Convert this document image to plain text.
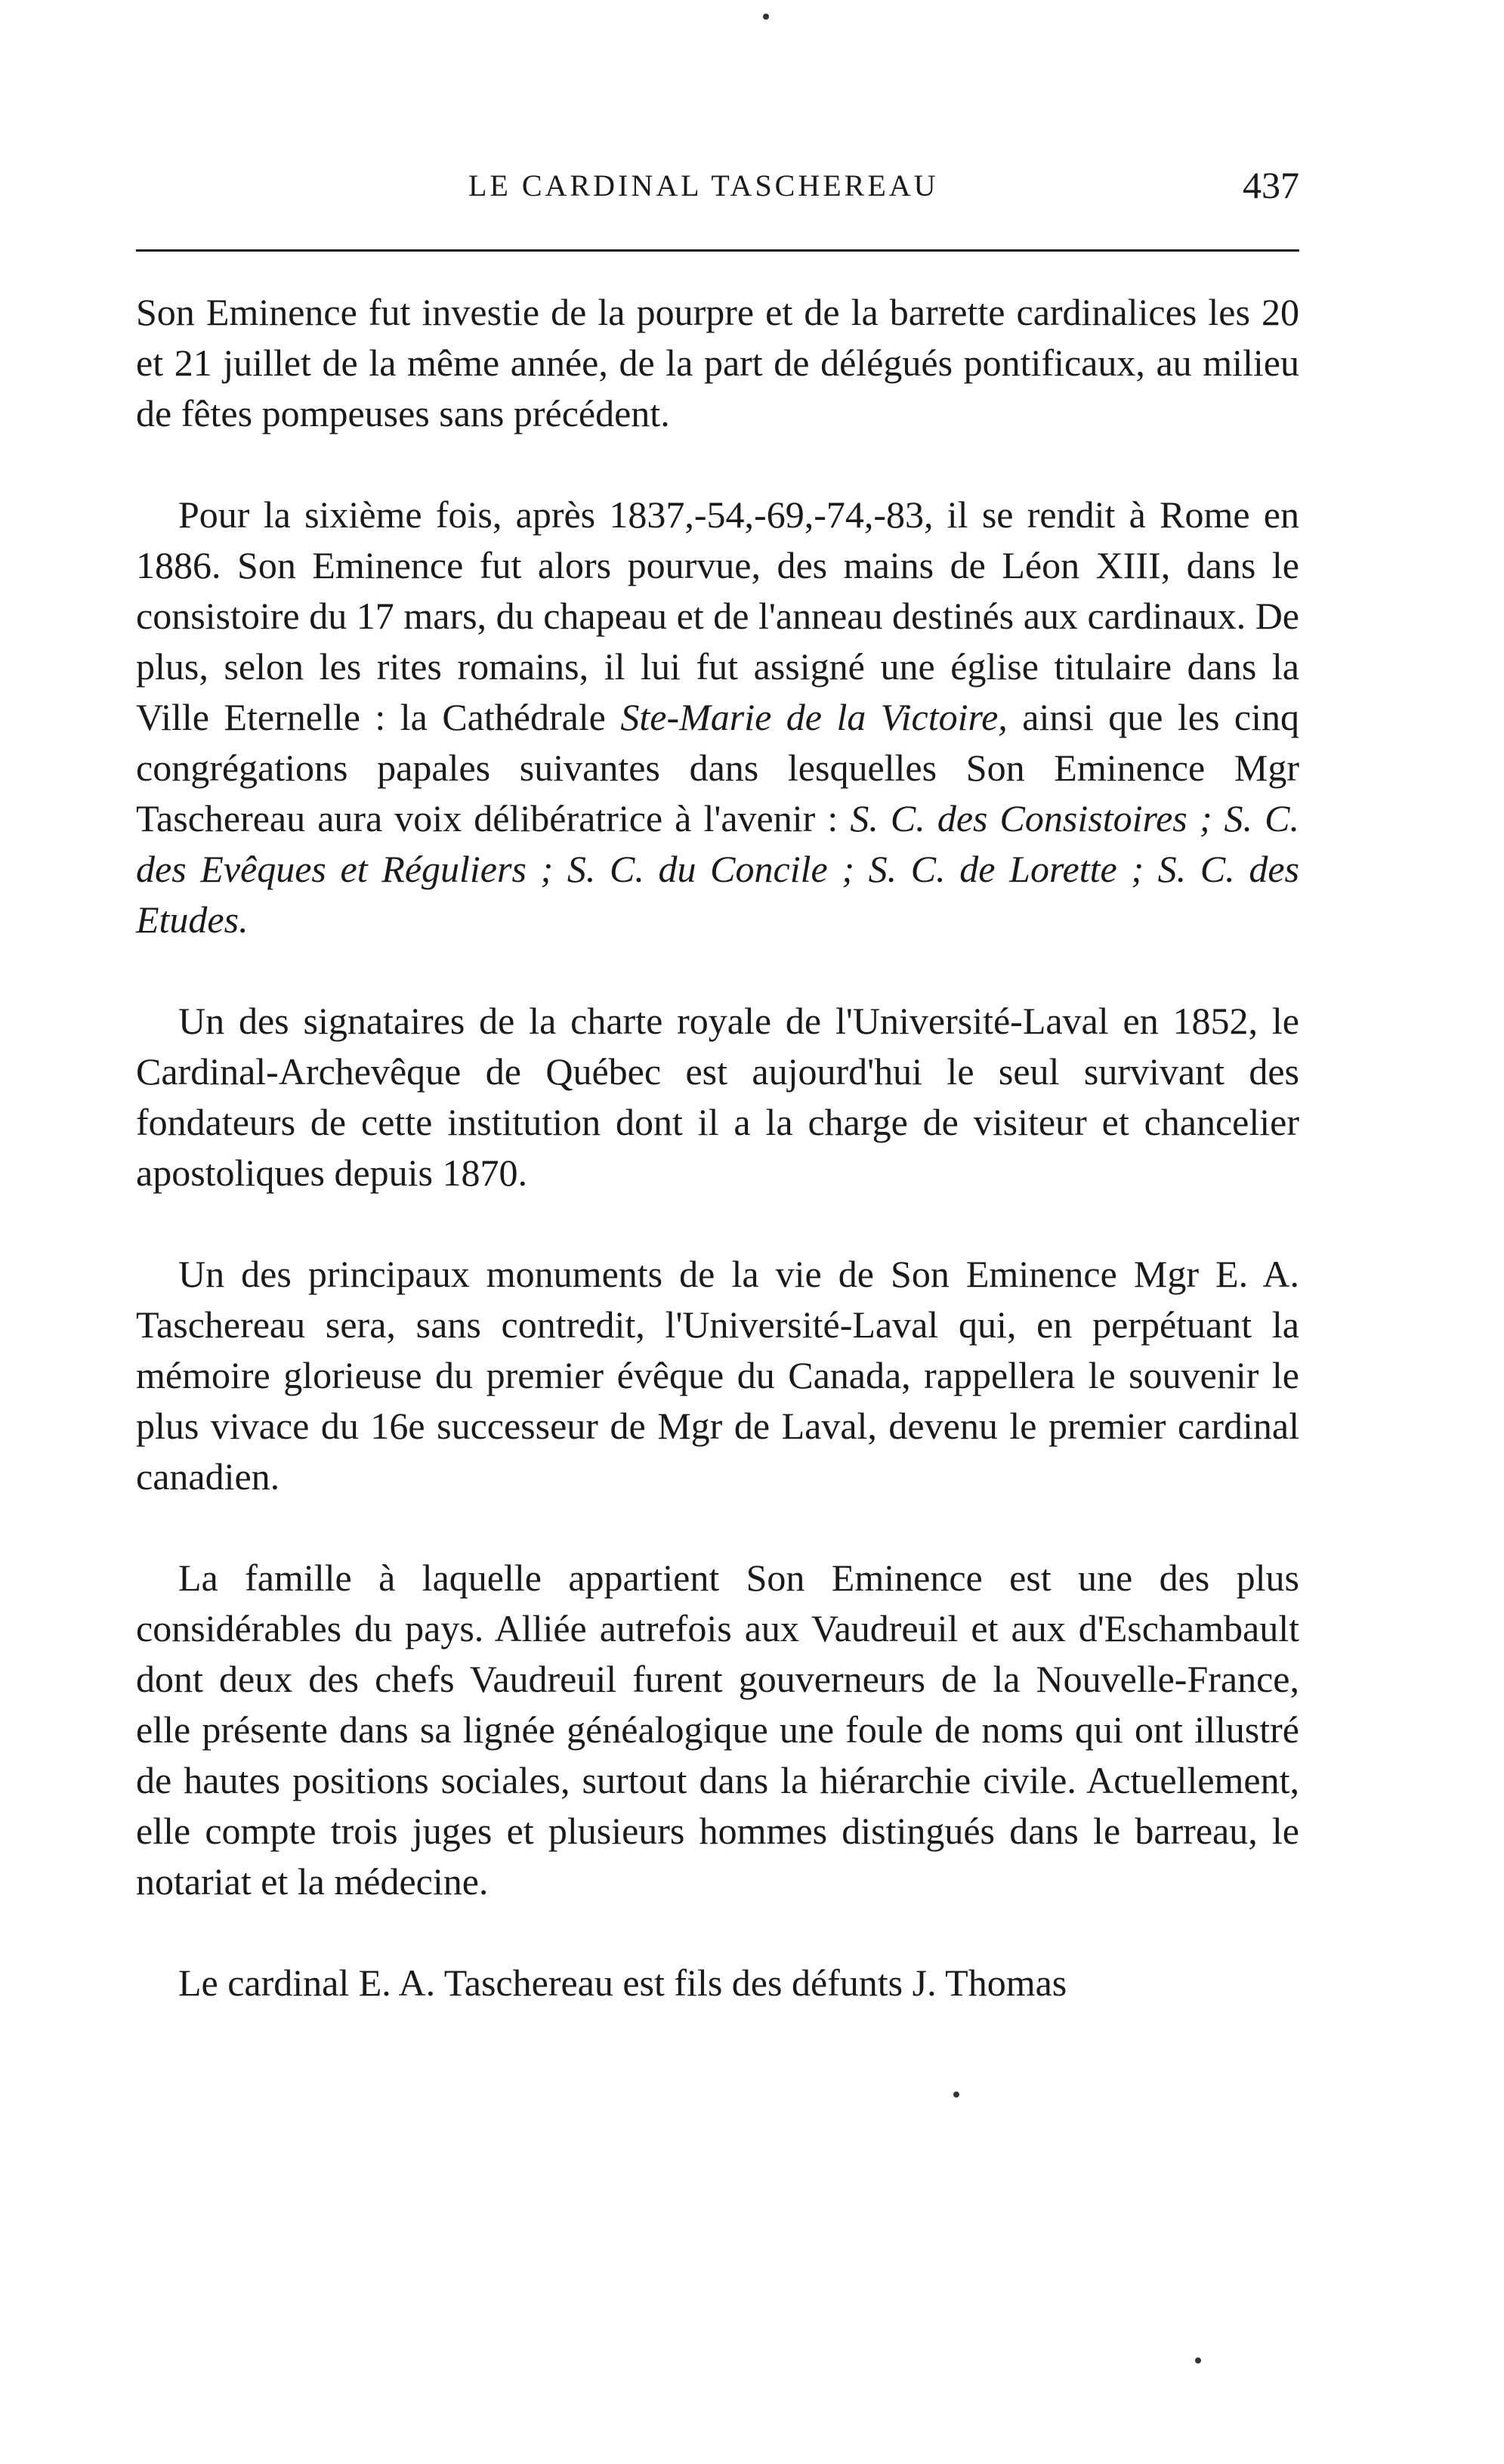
LE CARDINAL TASCHEREAU	437

Son Eminence fut investie de la pourpre et de la barrette cardinalices les 20 et 21 juillet de la même année, de la part de délégués pontificaux, au milieu de fêtes pompeuses sans précédent.

Pour la sixième fois, après 1837,-54,-69,-74,-83, il se rendit à Rome en 1886. Son Eminence fut alors pourvue, des mains de Léon XIII, dans le consistoire du 17 mars, du chapeau et de l'anneau destinés aux cardinaux. De plus, selon les rites romains, il lui fut assigné une église titulaire dans la Ville Eternelle : la Cathédrale Ste-Marie de la Victoire, ainsi que les cinq congrégations papales suivantes dans lesquelles Son Eminence Mgr Taschereau aura voix délibératrice à l'avenir : S. C. des Consistoires ; S. C. des Evêques et Réguliers ; S. C. du Concile ; S. C. de Lorette ; S. C. des Etudes.

Un des signataires de la charte royale de l'Université-Laval en 1852, le Cardinal-Archevêque de Québec est aujourd'hui le seul survivant des fondateurs de cette institution dont il a la charge de visiteur et chancelier apostoliques depuis 1870.

Un des principaux monuments de la vie de Son Eminence Mgr E. A. Taschereau sera, sans contredit, l'Université-Laval qui, en perpétuant la mémoire glorieuse du premier évêque du Canada, rappellera le souvenir le plus vivace du 16e successeur de Mgr de Laval, devenu le premier cardinal canadien.

La famille à laquelle appartient Son Eminence est une des plus considérables du pays. Alliée autrefois aux Vaudreuil et aux d'Eschambault dont deux des chefs Vaudreuil furent gouverneurs de la Nouvelle-France, elle présente dans sa lignée généalogique une foule de noms qui ont illustré de hautes positions sociales, surtout dans la hiérarchie civile. Actuellement, elle compte trois juges et plusieurs hommes distingués dans le barreau, le notariat et la médecine.

Le cardinal E. A. Taschereau est fils des défunts J. Thomas
